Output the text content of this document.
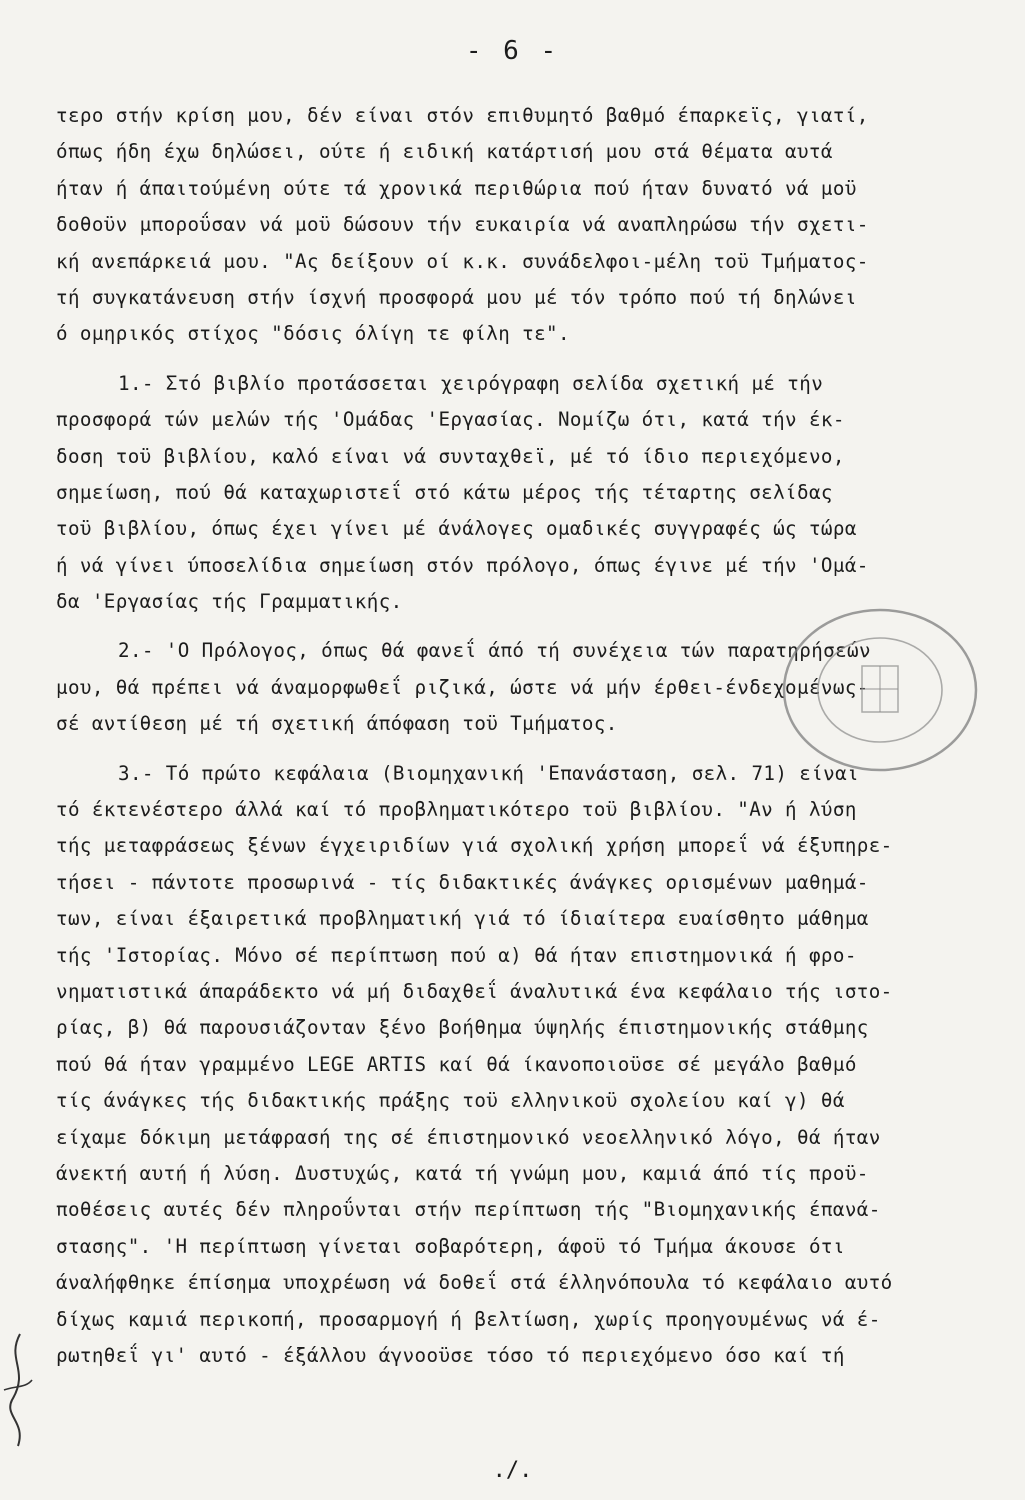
- 6 -
τερο στήν κρίση μου, δέν είναι στόν επιθυμητό βαθμό έπαρκεϊς, γιατί,
όπως ήδη έχω δηλώσει, ούτε ή ειδική κατάρτισή μου στά θέματα αυτά
ήταν ή άπαιτούμένη ούτε τά χρονικά περιθώρια πού ήταν δυνατό νά μοϋ
δοθοϋν μποροΰσαν νά μοϋ δώσουν τήν ευκαιρία νά αναπληρώσω τήν σχετι-
κή ανεπάρκειά μου. "Ας δείξουν οί κ.κ. συνάδελφοι-μέλη τοϋ Τμήματος-
τή συγκατάνευση στήν ίσχνή προσφορά μου μέ τόν τρόπο πού τή δηλώνει
ό ομηρικός στίχος "δόσις όλίγη τε φίλη τε".
1.- Στό βιβλίο προτάσσεται χειρόγραφη σελίδα σχετική μέ τήν
προσφορά τών μελών τής 'Ομάδας 'Εργασίας. Νομίζω ότι, κατά τήν έκ-
δοση τοϋ βιβλίου, καλό είναι νά συνταχθεϊ, μέ τό ίδιο περιεχόμενο,
σημείωση, πού θά καταχωριστεΐ στό κάτω μέρος τής τέταρτης σελίδας
τοϋ βιβλίου, όπως έχει γίνει μέ άνάλογες ομαδικές συγγραφές ώς τώρα
ή νά γίνει ύποσελίδια σημείωση στόν πρόλογο, όπως έγινε μέ τήν 'Ομά-
δα 'Εργασίας τής Γραμματικής.
2.- 'Ο Πρόλογος, όπως θά φανεΐ άπό τή συνέχεια τών παρατηρήσεών
μου, θά πρέπει νά άναμορφωθεΐ ριζικά, ώστε νά μήν έρθει-ένδεχομένως-
σέ αντίθεση μέ τή σχετική άπόφαση τοϋ Τμήματος.
3.- Τό πρώτο κεφάλαια (Βιομηχανική 'Επανάσταση, σελ. 71) είναι
τό έκτενέστερο άλλά καί τό προβληματικότερο τοϋ βιβλίου. "Αν ή λύση
τής μεταφράσεως ξένων έγχειριδίων γιά σχολική χρήση μπορεΐ νά έξυπηρε-
τήσει - πάντοτε προσωρινά - τίς διδακτικές άνάγκες ορισμένων μαθημά-
των, είναι έξαιρετικά προβληματική γιά τό ίδιαίτερα ευαίσθητο μάθημα
τής 'Ιστορίας. Μόνο σέ περίπτωση πού α) θά ήταν επιστημονικά ή φρο-
νηματιστικά άπαράδεκτο νά μή διδαχθεΐ άναλυτικά ένα κεφάλαιο τής ιστο-
ρίας, β) θά παρουσιάζονταν ξένο βοήθημα ύψηλής έπιστημονικής στάθμης
πού θά ήταν γραμμένο LEGE ARTIS καί θά ίκανοποιοϋσε σέ μεγάλο βαθμό
τίς άνάγκες τής διδακτικής πράξης τοϋ ελληνικοϋ σχολείου καί γ) θά
είχαμε δόκιμη μετάφρασή της σέ έπιστημονικό νεοελληνικό λόγο, θά ήταν
άνεκτή αυτή ή λύση. Δυστυχώς, κατά τή γνώμη μου, καμιά άπό τίς προϋ-
ποθέσεις αυτές δέν πληροΰνται στήν περίπτωση τής "Βιομηχανικής έπανά-
στασης". 'Η περίπτωση γίνεται σοβαρότερη, άφοϋ τό Τμήμα άκουσε ότι
άναλήφθηκε έπίσημα υποχρέωση νά δοθεΐ στά έλληνόπουλα τό κεφάλαιο αυτό
δίχως καμιά περικοπή, προσαρμογή ή βελτίωση, χωρίς προηγουμένως νά έ-
ρωτηθεΐ γι' αυτό - έξάλλου άγνοοϋσε τόσο τό περιεχόμενο όσο καί τή
./.
